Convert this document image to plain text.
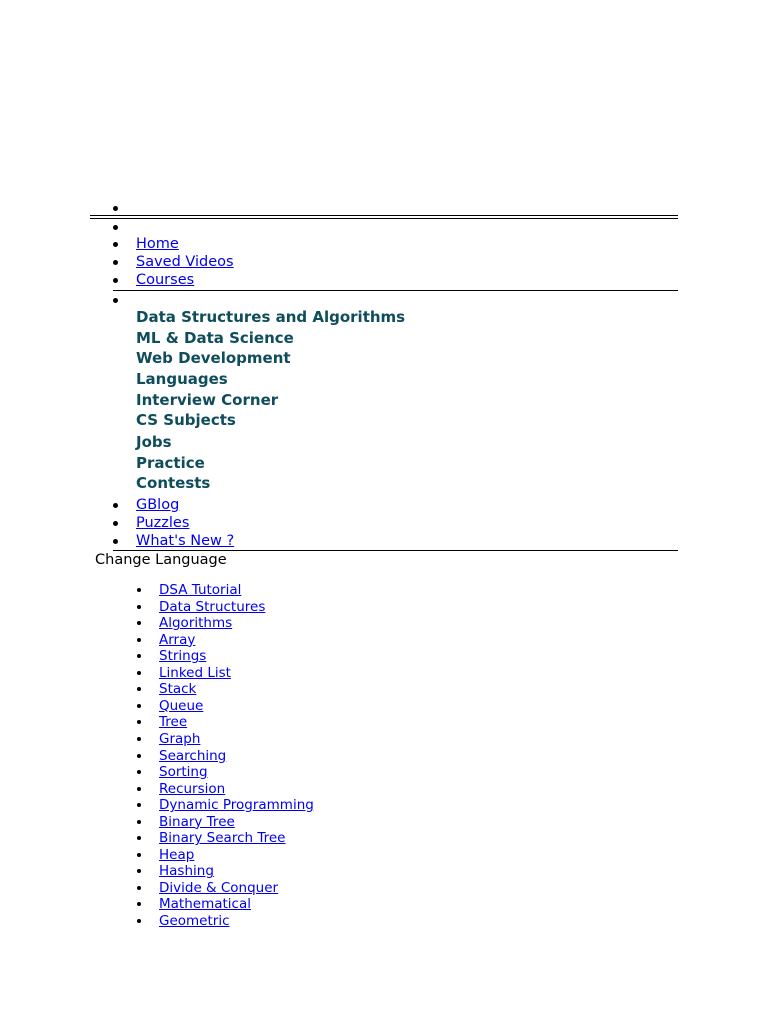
Home
Saved Videos
Courses
Data Structures and Algorithms
ML & Data Science
Web Development
Languages
Interview Corner
CS Subjects
Jobs
Practice
Contests
GBlog
Puzzles
What's New ?
Change Language
DSA Tutorial
Data Structures
Algorithms
Array
Strings
Linked List
Stack
Queue
Tree
Graph
Searching
Sorting
Recursion
Dynamic Programming
Binary Tree
Binary Search Tree
Heap
Hashing
Divide & Conquer
Mathematical
Geometric
